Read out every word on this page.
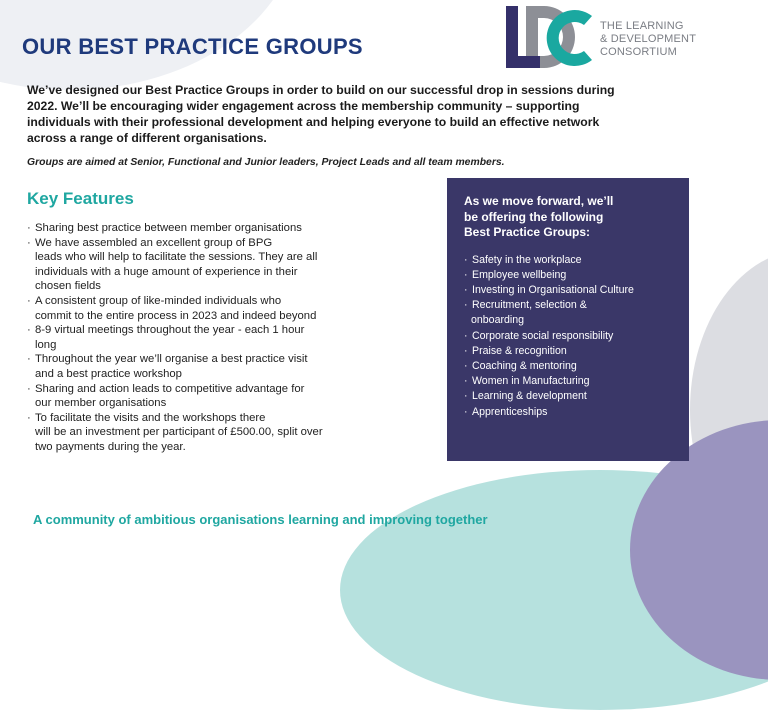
OUR BEST PRACTICE GROUPS
THE LEARNING
& DEVELOPMENT
CONSORTIUM

We’ve designed our Best Practice Groups in order to build on our successful drop in sessions during
2022. We’ll be encouraging wider engagement across the membership community – supporting
individuals with their professional development and helping everyone to build an effective network
across a range of different organisations.

Groups are aimed at Senior, Functional and Junior leaders, Project Leads and all team members.

Key Features
· Sharing best practice between member organisations
· We have assembled an excellent group of BPG
leads who will help to facilitate the sessions. They are all
individuals with a huge amount of experience in their
chosen fields
· A consistent group of like-minded individuals who
commit to the entire process in 2023 and indeed beyond
· 8-9 virtual meetings throughout the year - each 1 hour
long
· Throughout the year we’ll organise a best practice visit
and a best practice workshop
· Sharing and action leads to competitive advantage for
our member organisations
· To facilitate the visits and the workshops there
will be an investment per participant of £500.00, split over
two payments during the year.
As we move forward, we’ll
be offering the following
Best Practice Groups:
· Safety in the workplace
· Employee wellbeing
· Investing in Organisational Culture
· Recruitment, selection &
onboarding
· Corporate social responsibility
· Praise & recognition
· Coaching & mentoring
· Women in Manufacturing
· Learning & development
· Apprenticeships

A community of ambitious organisations learning and improving together
